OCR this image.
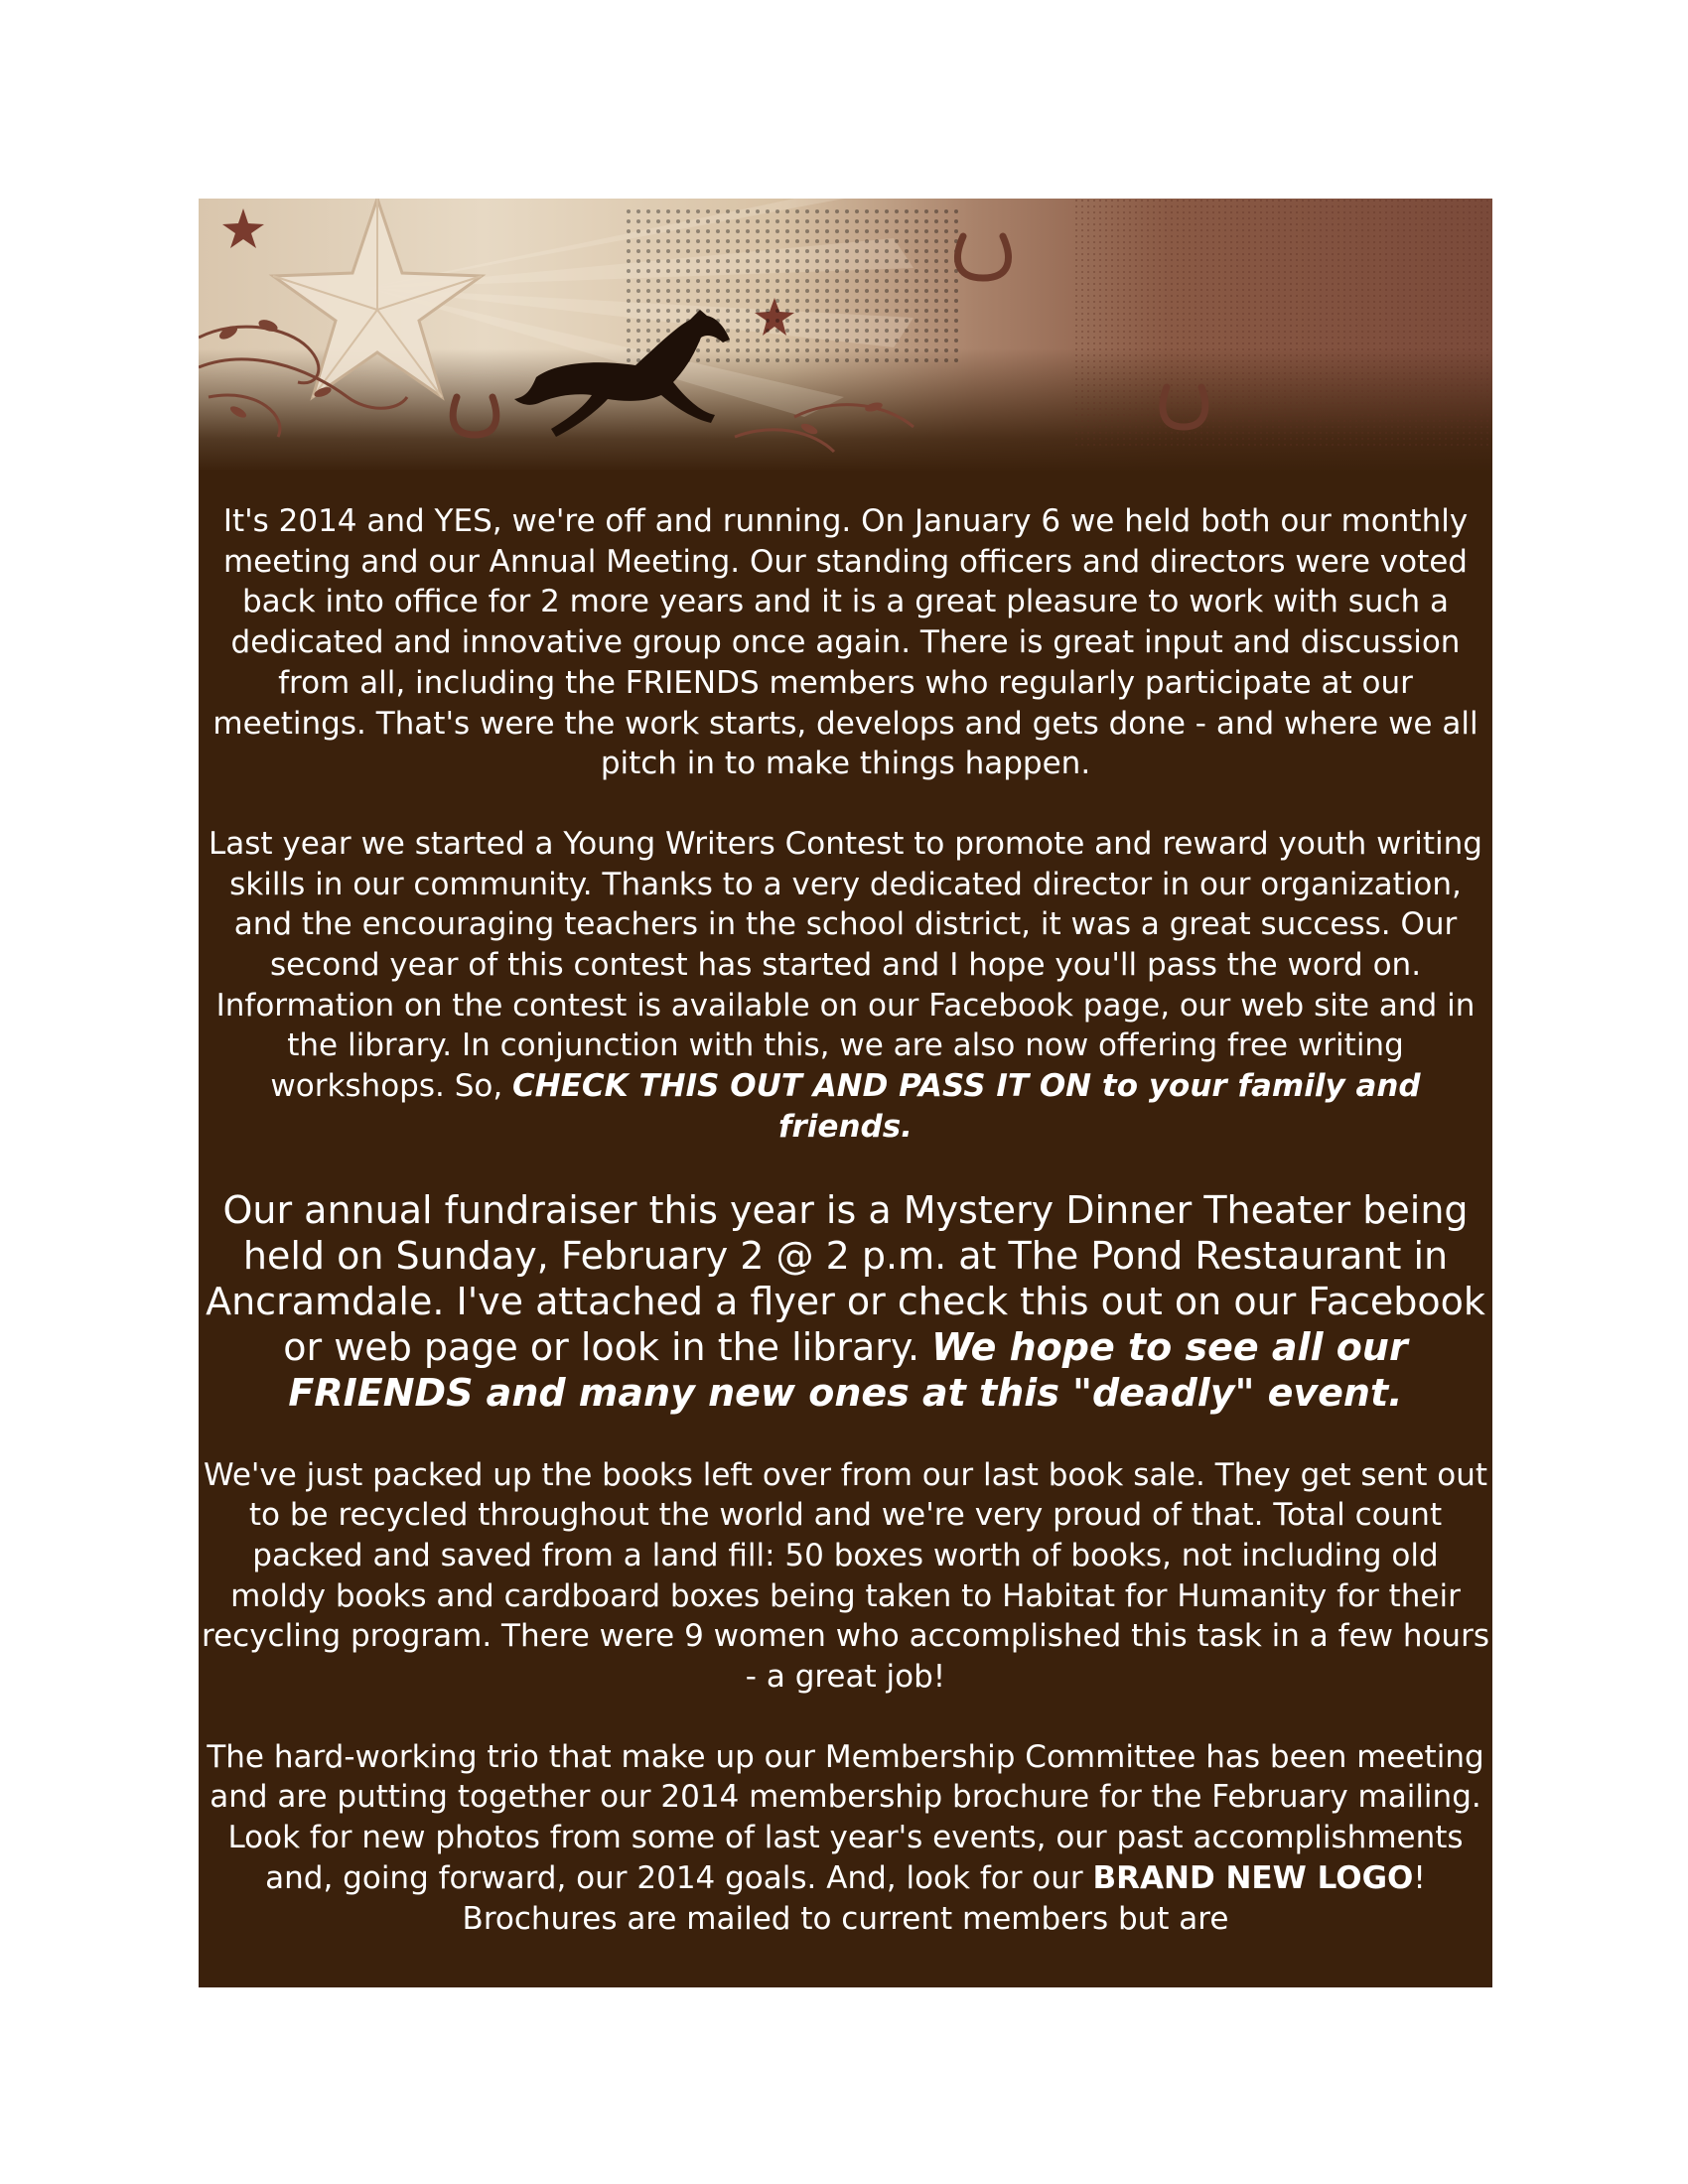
It's 2014 and YES, we're off and running. On January 6 we held both our monthly meeting and our Annual Meeting. Our standing officers and directors were voted back into office for 2 more years and it is a great pleasure to work with such a dedicated and innovative group once again. There is great input and discussion from all, including the FRIENDS members who regularly participate at our meetings. That's were the work starts, develops and gets done - and where we all pitch in to make things happen.

Last year we started a Young Writers Contest to promote and reward youth writing skills in our community. Thanks to a very dedicated director in our organization, and the encouraging teachers in the school district, it was a great success. Our second year of this contest has started and I hope you'll pass the word on. Information on the contest is available on our Facebook page, our web site and in the library. In conjunction with this, we are also now offering free writing workshops. So, CHECK THIS OUT AND PASS IT ON to your family and friends.

Our annual fundraiser this year is a Mystery Dinner Theater being held on Sunday, February 2 @ 2 p.m. at The Pond Restaurant in Ancramdale. I've attached a flyer or check this out on our Facebook or web page or look in the library. We hope to see all our FRIENDS and many new ones at this "deadly" event.

We've just packed up the books left over from our last book sale. They get sent out to be recycled throughout the world and we're very proud of that. Total count packed and saved from a land fill: 50 boxes worth of books, not including old moldy books and cardboard boxes being taken to Habitat for Humanity for their recycling program. There were 9 women who accomplished this task in a few hours - a great job!

The hard-working trio that make up our Membership Committee has been meeting and are putting together our 2014 membership brochure for the February mailing. Look for new photos from some of last year's events, our past accomplishments and, going forward, our 2014 goals. And, look for our BRAND NEW LOGO! Brochures are mailed to current members but are
